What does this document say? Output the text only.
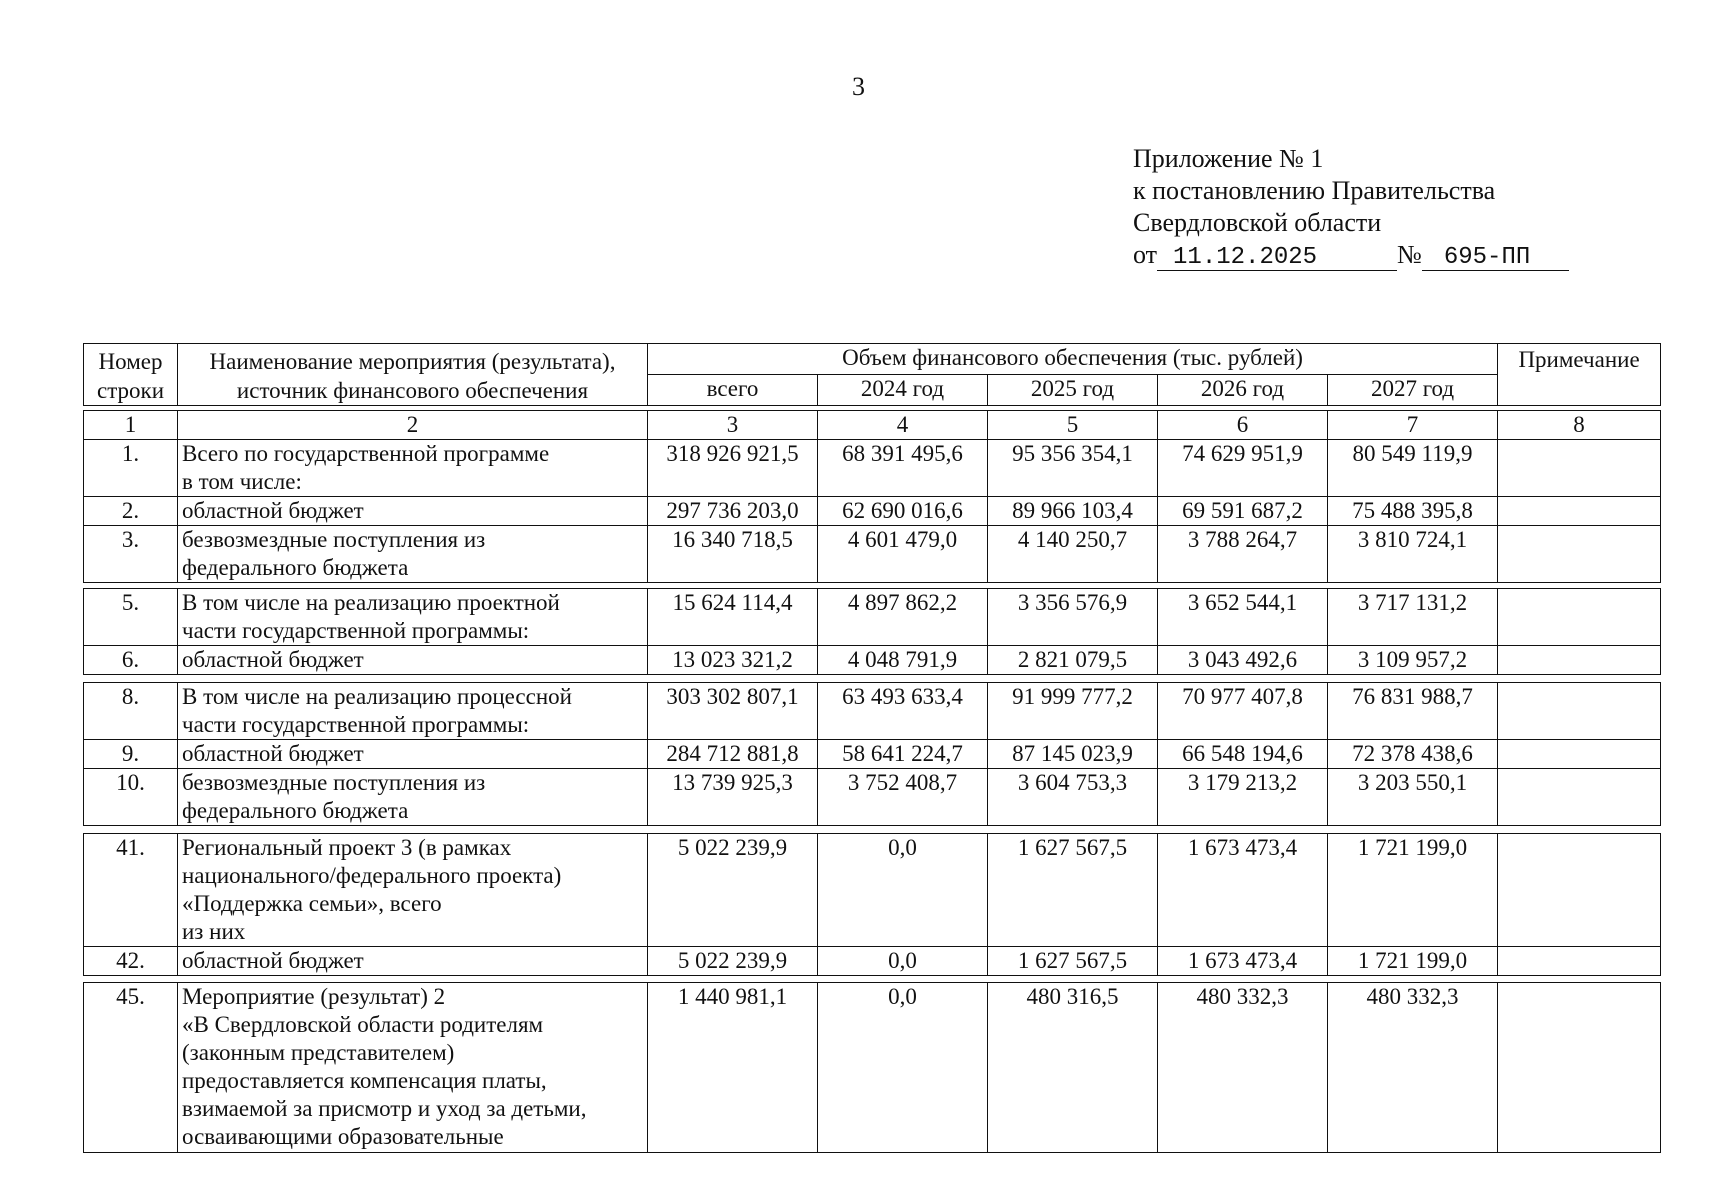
3
Приложение № 1
к постановлению Правительства
Свердловской области
от 11.12.2025	№ 695-ПП
Номер строки	Наименование мероприятия (результата), источник финансового обеспечения	Объем финансового обеспечения (тыс. рублей)					Примечание
		всего	2024 год	2025 год	2026 год	2027 год	
1	2	3	4	5	6	7	8
1.	Всего по государственной программе
в том числе:	318 926 921,5	68 391 495,6	95 356 354,1	74 629 951,9	80 549 119,9	
2.	областной бюджет	297 736 203,0	62 690 016,6	89 966 103,4	69 591 687,2	75 488 395,8	
3.	безвозмездные поступления из
федерального бюджета	16 340 718,5	4 601 479,0	4 140 250,7	3 788 264,7	3 810 724,1	
5.	В том числе на реализацию проектной
части государственной программы:	15 624 114,4	4 897 862,2	3 356 576,9	3 652 544,1	3 717 131,2	
6.	областной бюджет	13 023 321,2	4 048 791,9	2 821 079,5	3 043 492,6	3 109 957,2	
8.	В том числе на реализацию процессной
части государственной программы:	303 302 807,1	63 493 633,4	91 999 777,2	70 977 407,8	76 831 988,7	
9.	областной бюджет	284 712 881,8	58 641 224,7	87 145 023,9	66 548 194,6	72 378 438,6	
10.	безвозмездные поступления из
федерального бюджета	13 739 925,3	3 752 408,7	3 604 753,3	3 179 213,2	3 203 550,1	
41.	Региональный проект 3 (в рамках
национального/федерального проекта)
«Поддержка семьи», всего
из них	5 022 239,9	0,0	1 627 567,5	1 673 473,4	1 721 199,0	
42.	областной бюджет	5 022 239,9	0,0	1 627 567,5	1 673 473,4	1 721 199,0	
45.	Мероприятие (результат) 2
«В Свердловской области родителям
(законным представителем)
предоставляется компенсация платы,
взимаемой за присмотр и уход за детьми,
осваивающими образовательные	1 440 981,1	0,0	480 316,5	480 332,3	480 332,3	
